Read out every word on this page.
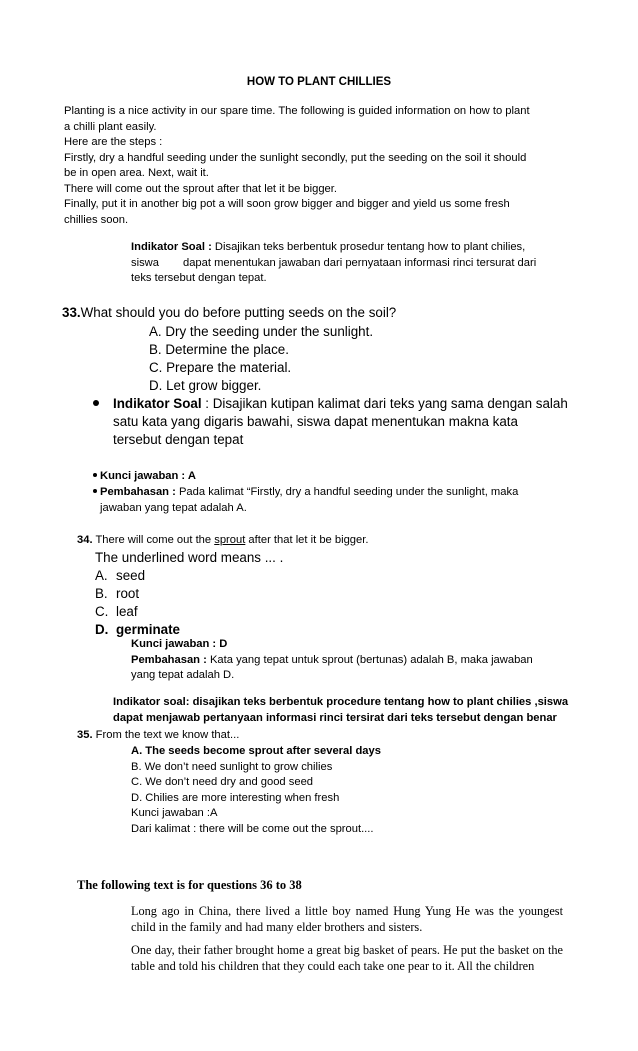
HOW TO PLANT CHILLIES
Planting is a nice activity in our spare time. The following is guided information on how to plant
a chilli plant easily.
Here are the steps :
Firstly, dry a handful seeding under the sunlight secondly, put the seeding on the soil it should
be in open area. Next, wait it.
There will come out the sprout after that let it be bigger.
Finally, put it in another big pot a will soon grow bigger and bigger and yield us some fresh
chillies soon.
Indikator Soal : Disajikan teks berbentuk prosedur tentang how to plant chilies,
siswa dapat menentukan jawaban dari pernyataan informasi rinci tersurat dari
teks tersebut dengan tepat.
33.What should you do before putting seeds on the soil?
A. Dry the seeding under the sunlight.
B. Determine the place.
C. Prepare the material.
D. Let grow bigger.
Indikator Soal : Disajikan kutipan kalimat dari teks yang sama dengan salah
satu kata yang digaris bawahi, siswa dapat menentukan makna kata
tersebut dengan tepat
Kunci jawaban : A
Pembahasan : Pada kalimat “Firstly, dry a handful seeding under the sunlight, maka
jawaban yang tepat adalah A.
34. There will come out the sprout after that let it be bigger.
The underlined word means ... .
A. seed
B. root
C. leaf
D. germinate
Kunci jawaban : D
Pembahasan : Kata yang tepat untuk sprout (bertunas) adalah B, maka jawaban
yang tepat adalah D.
Indikator soal: disajikan teks berbentuk procedure tentang how to plant chilies ,siswa
dapat menjawab pertanyaan informasi rinci tersirat dari teks tersebut dengan benar
35. From the text we know that...
A. The seeds become sprout after several days
B. We don’t need sunlight to grow chilies
C. We don’t need dry and good seed
D. Chilies are more interesting when fresh
Kunci jawaban :A
Dari kalimat : there will be come out the sprout....
The following text is for questions 36 to 38

Long ago in China, there lived a little boy named Hung Yung He was the youngest child in the family and had many elder brothers and sisters.

One day, their father brought home a great big basket of pears. He put the basket on the table and told his children that they could each take one pear to it. All the children
